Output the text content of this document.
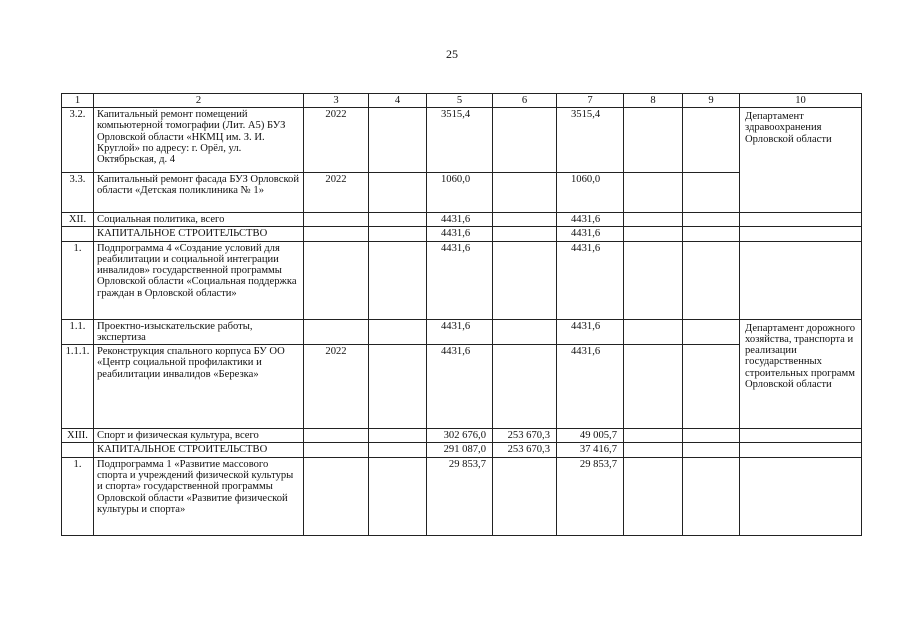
25
1	2	3	4	5	6	7	8	9	10
3.2.	Капитальный ремонт помещений компьютерной томографии (Лит. А5) БУЗ Орловской области «НКМЦ им. З. И. Круглой» по адресу: г. Орёл, ул. Октябрьская, д. 4	2022		3515,4		3515,4			Департамент здравоохранения Орловской области

3.3.	Капитальный ремонт фасада БУЗ Орловской области «Детская поликлиника № 1»	2022		1060,0		1060,0			
XII.	Социальная политика, всего			4431,6		4431,6			
	КАПИТАЛЬНОЕ СТРОИТЕЛЬСТВО			4431,6		4431,6			
1.	Подпрограмма 4 «Создание условий для реабилитации и социальной интеграции инвалидов» государственной программы Орловской области «Социальная поддержка граждан в Орловской области»			4431,6		4431,6			
1.1.	Проектно-изыскательские работы, экспертиза			4431,6		4431,6			Департамент дорожного хозяйства, транспорта и реализации государственных строительных программ Орловской области

1.1.1.	Реконструкция спального корпуса БУ ОО «Центр социальной профилактики и реабилитации инвалидов «Березка»	2022		4431,6		4431,6			
XIII.	Спорт и физическая культура, всего			302 676,0	253 670,3	49 005,7			
	КАПИТАЛЬНОЕ СТРОИТЕЛЬСТВО			291 087,0	253 670,3	37 416,7			
1.	Подпрограмма 1 «Развитие массового спорта и учреждений физической культуры и спорта» государственной программы Орловской области «Развитие физической культуры и спорта»			29 853,7		29 853,7			
